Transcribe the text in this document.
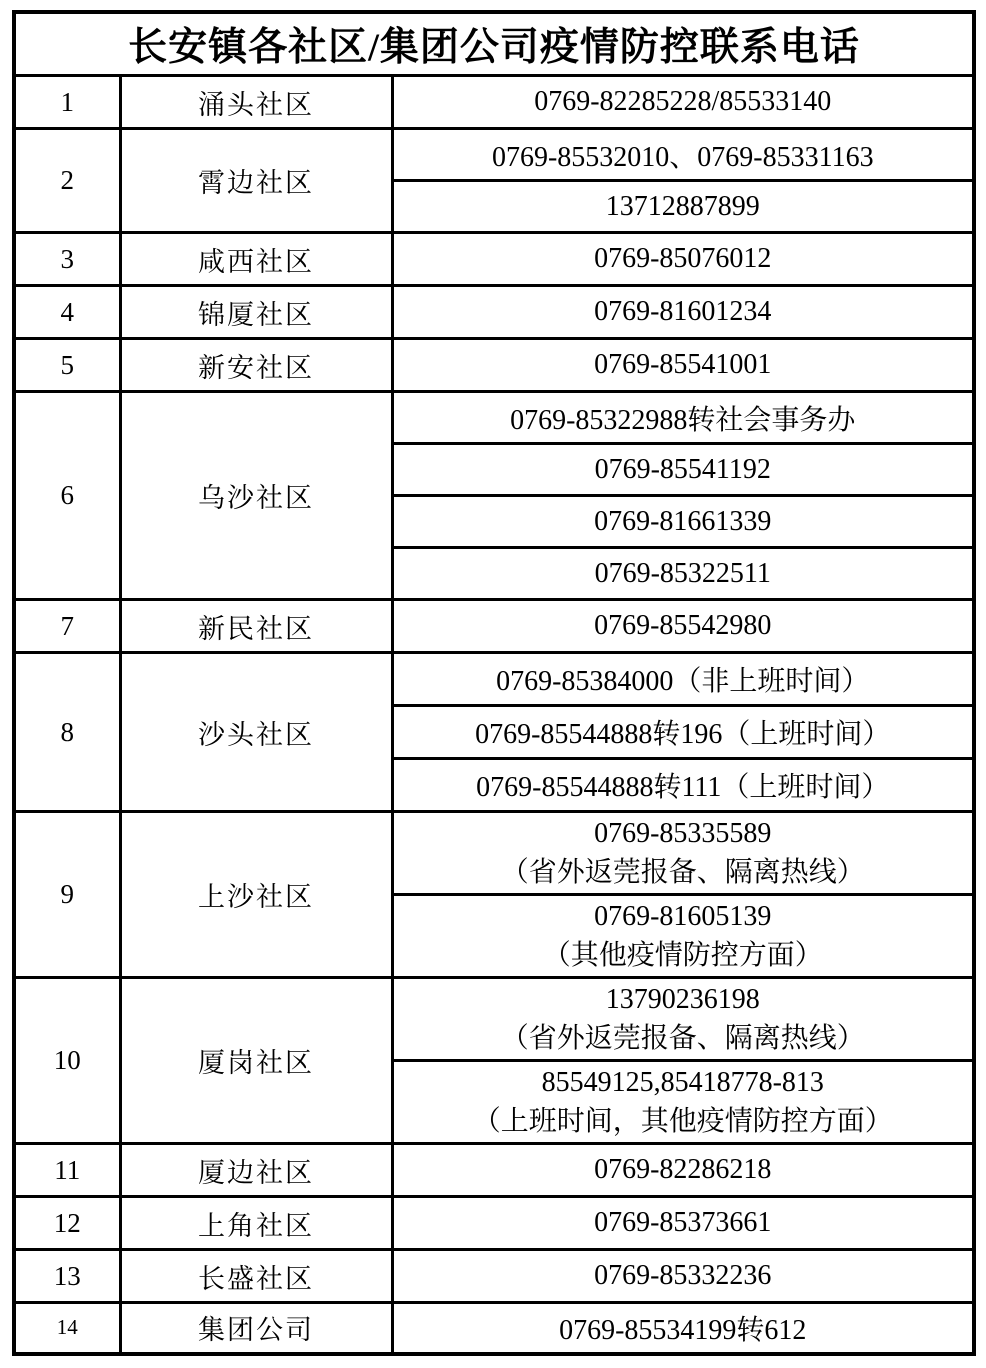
长安镇各社区/集团公司疫情防控联系电话		
1	涌头社区	0769-82285228/85533140
2	霄边社区	0769-85532010、0769-85331163
		13712887899
3	咸西社区	0769-85076012
4	锦厦社区	0769-81601234
5	新安社区	0769-85541001
6	乌沙社区	0769-85322988转社会事务办
		0769-85541192
		0769-81661339
		0769-85322511
7	新民社区	0769-85542980
8	沙头社区	0769-85384000（非上班时间）
		0769-85544888转196（上班时间）
		0769-85544888转111（上班时间）
9	上沙社区	0769-85335589
（省外返莞报备、隔离热线）

		0769-81605139
（其他疫情防控方面）

10	厦岗社区	13790236198
（省外返莞报备、隔离热线）

		85549125,85418778-813
（上班时间，其他疫情防控方面）

11	厦边社区	0769-82286218
12	上角社区	0769-85373661
13	长盛社区	0769-85332236
14	集团公司	0769-85534199转612
